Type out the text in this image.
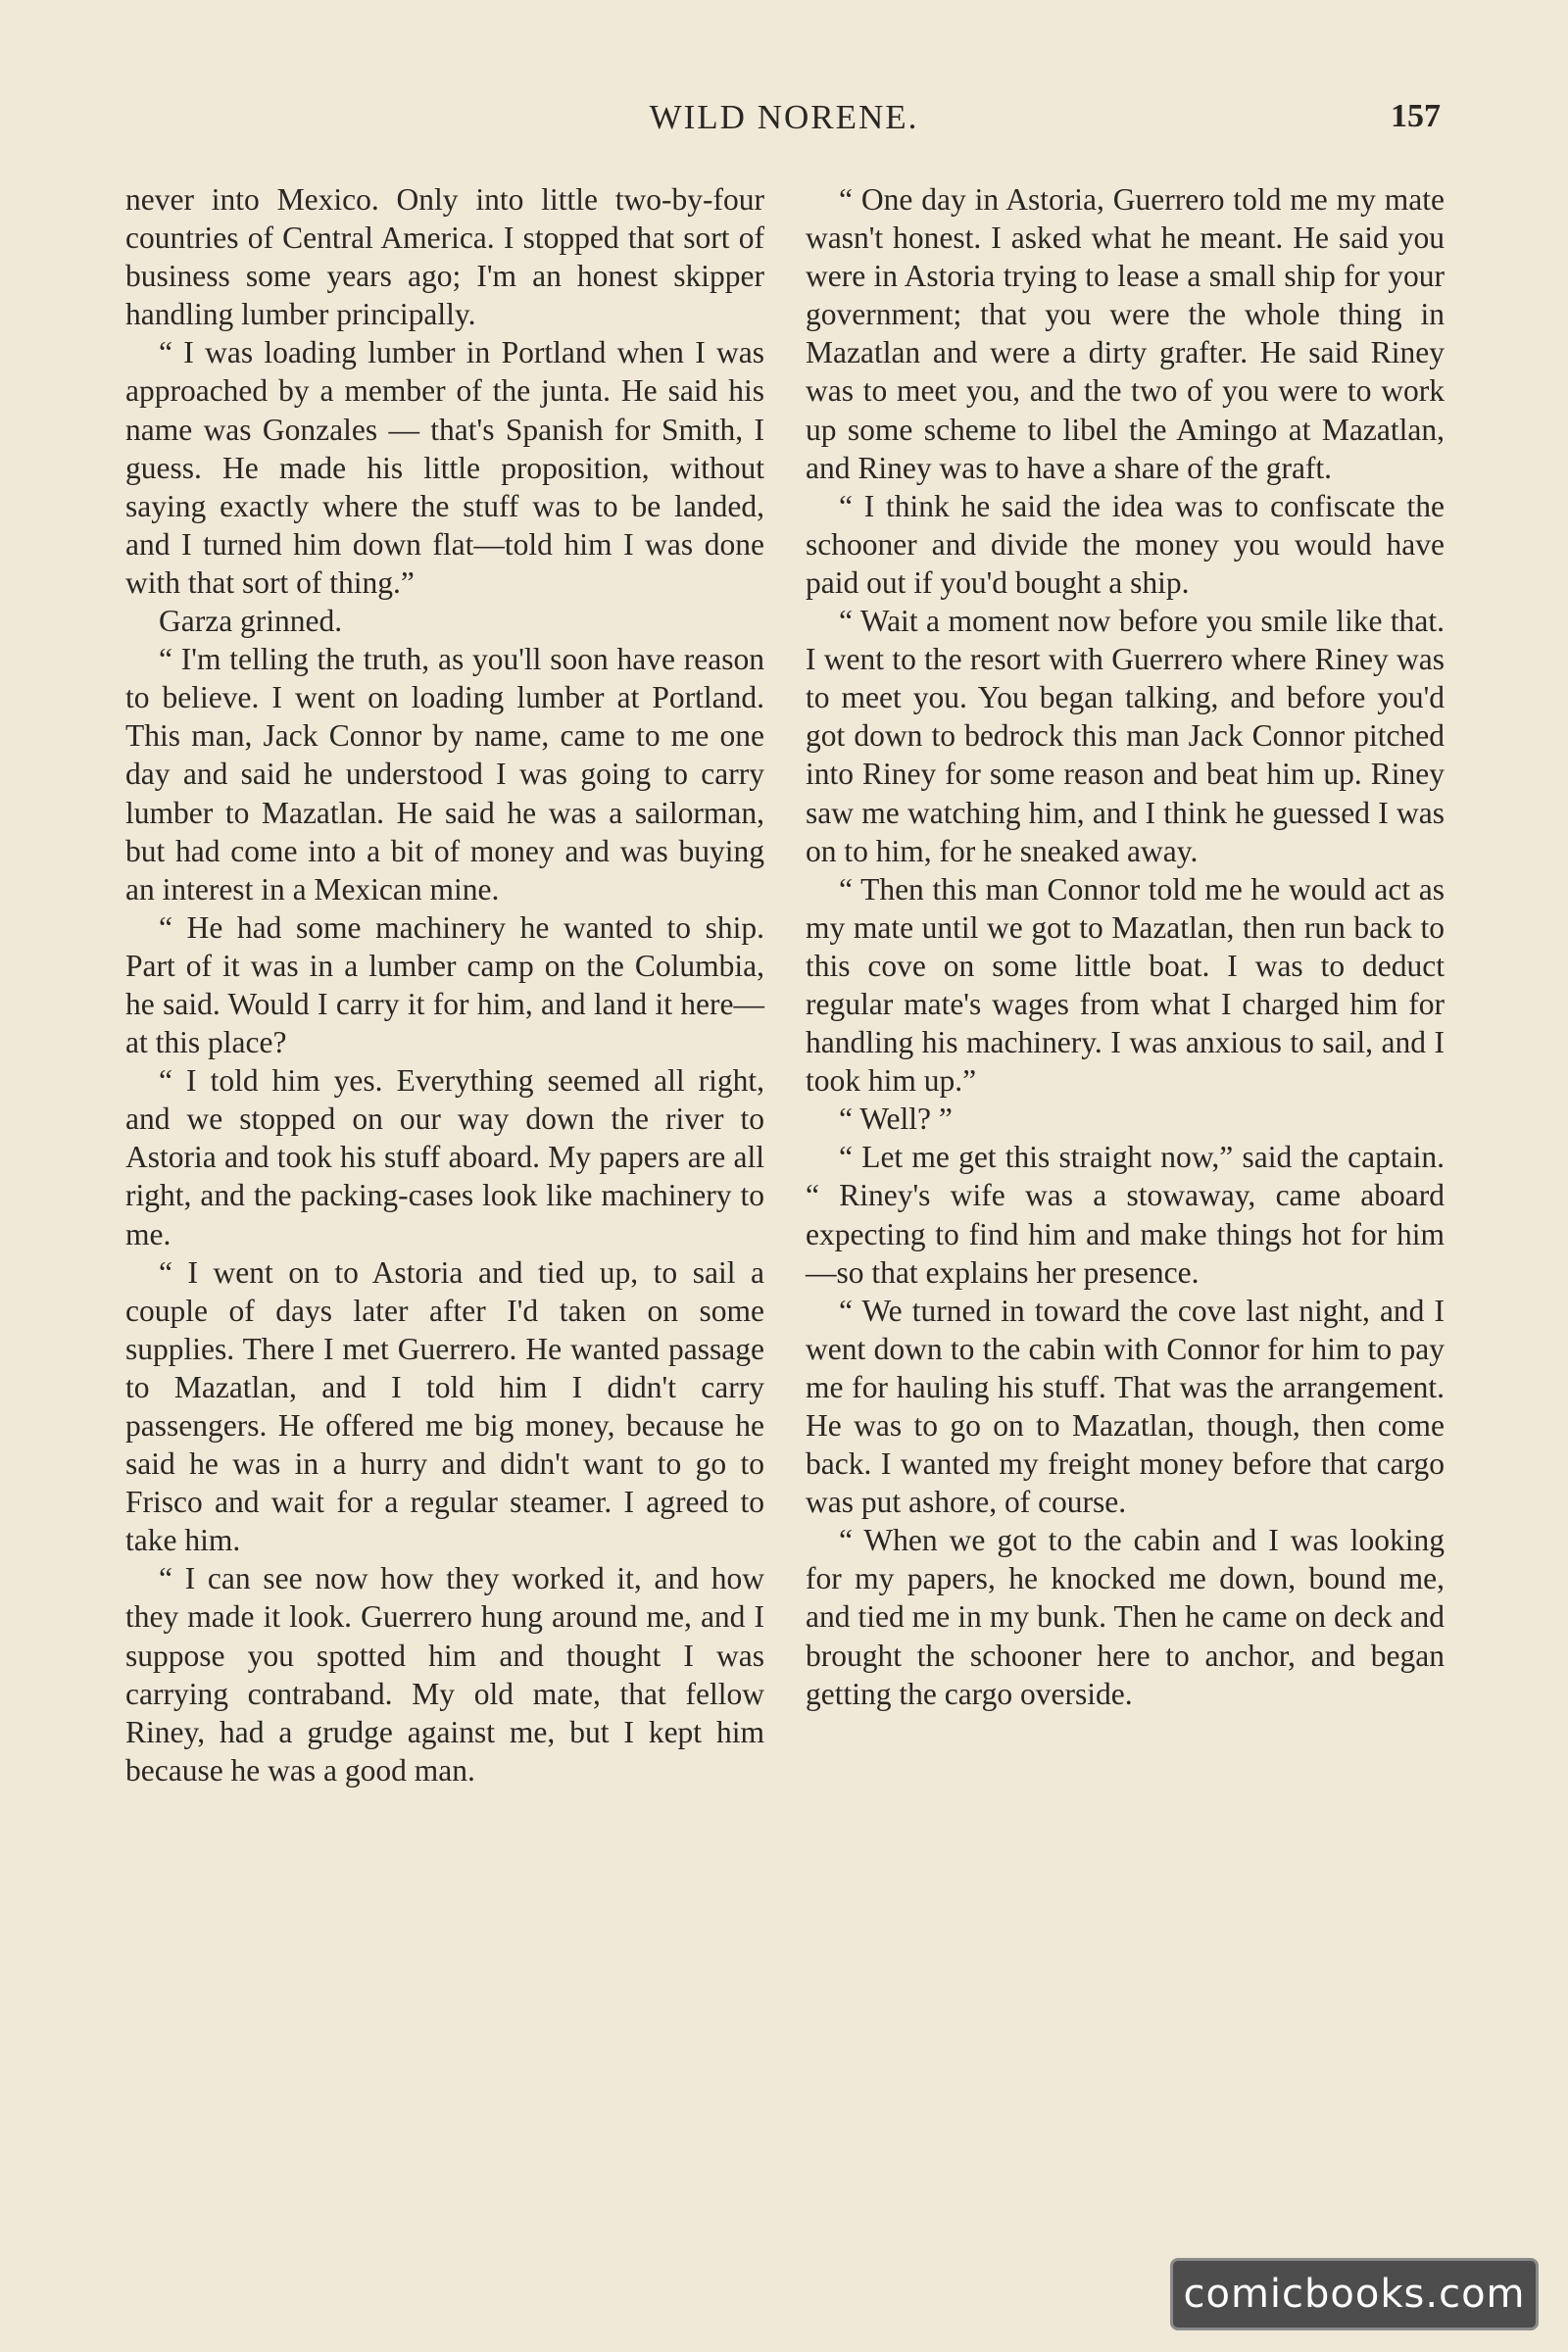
WILD NORENE.	157

never into Mexico. Only into little two-by-four countries of Central America. I stopped that sort of business some years ago; I'm an honest skipper handling lumber principally.

“ I was loading lumber in Portland when I was approached by a member of the junta. He said his name was Gonzales — that's Spanish for Smith, I guess. He made his little proposition, without saying exactly where the stuff was to be landed, and I turned him down flat—told him I was done with that sort of thing.”

Garza grinned.

“ I'm telling the truth, as you'll soon have reason to believe. I went on loading lumber at Portland. This man, Jack Connor by name, came to me one day and said he understood I was going to carry lumber to Mazatlan. He said he was a sailorman, but had come into a bit of money and was buying an interest in a Mexican mine.

“ He had some machinery he wanted to ship. Part of it was in a lumber camp on the Columbia, he said. Would I carry it for him, and land it here— at this place?

“ I told him yes. Everything seemed all right, and we stopped on our way down the river to Astoria and took his stuff aboard. My papers are all right, and the packing-cases look like machinery to me.

“ I went on to Astoria and tied up, to sail a couple of days later after I'd taken on some supplies. There I met Guerrero. He wanted passage to Mazatlan, and I told him I didn't carry passengers. He offered me big money, because he said he was in a hurry and didn't want to go to Frisco and wait for a regular steamer. I agreed to take him.

“ I can see now how they worked it, and how they made it look. Guerrero hung around me, and I suppose you spotted him and thought I was carrying contraband. My old mate, that fellow Riney, had a grudge against me, but I kept him because he was a good man.

“ One day in Astoria, Guerrero told me my mate wasn't honest. I asked what he meant. He said you were in Astoria trying to lease a small ship for your government; that you were the whole thing in Mazatlan and were a dirty grafter. He said Riney was to meet you, and the two of you were to work up some scheme to libel the Amingo at Mazatlan, and Riney was to have a share of the graft.

“ I think he said the idea was to confiscate the schooner and divide the money you would have paid out if you'd bought a ship.

“ Wait a moment now before you smile like that. I went to the resort with Guerrero where Riney was to meet you. You began talking, and before you'd got down to bedrock this man Jack Connor pitched into Riney for some reason and beat him up. Riney saw me watching him, and I think he guessed I was on to him, for he sneaked away.

“ Then this man Connor told me he would act as my mate until we got to Mazatlan, then run back to this cove on some little boat. I was to deduct regular mate's wages from what I charged him for handling his machinery. I was anxious to sail, and I took him up.”

“ Well? ”

“ Let me get this straight now,” said the captain. “ Riney's wife was a stowaway, came aboard expecting to find him and make things hot for him —so that explains her presence.

“ We turned in toward the cove last night, and I went down to the cabin with Connor for him to pay me for hauling his stuff. That was the arrangement. He was to go on to Mazatlan, though, then come back. I wanted my freight money before that cargo was put ashore, of course.

“ When we got to the cabin and I was looking for my papers, he knocked me down, bound me, and tied me in my bunk. Then he came on deck and brought the schooner here to anchor, and began getting the cargo overside.

comicbooks.com
